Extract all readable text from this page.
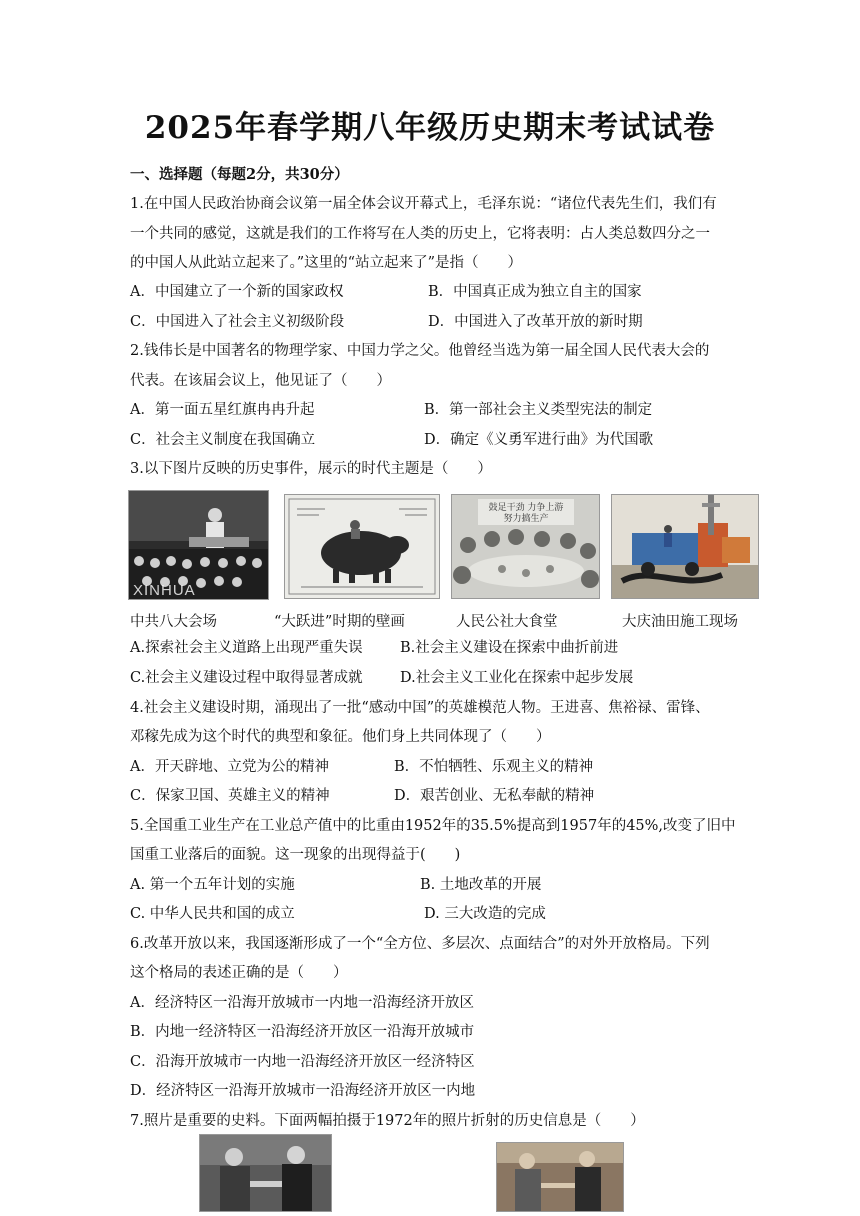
2025年春学期八年级历史期末考试试卷
一、选择题（每题2分，共30分）
1.在中国人民政治协商会议第一届全体会议开幕式上，毛泽东说：“诸位代表先生们，我们有
一个共同的感觉，这就是我们的工作将写在人类的历史上，它将表明：占人类总数四分之一
的中国人从此站立起来了。”这里的“站立起来了”是指（　　）
A．中国建立了一个新的国家政权	B．中国真正成为独立自主的国家
C．中国进入了社会主义初级阶段	D．中国进入了改革开放的新时期
2.钱伟长是中国著名的物理学家、中国力学之父。他曾经当选为第一届全国人民代表大会的
代表。在该届会议上，他见证了（　　）
A．第一面五星红旗冉冉升起	B．第一部社会主义类型宪法的制定
C．社会主义制度在我国确立	D．确定《义勇军进行曲》为代国歌
3.以下图片反映的历史事件，展示的时代主题是（　　）
XINHUA
鼓足干劲 力争上游
努力搞生产
中共八大会场	“大跃进”时期的壁画	人民公社大食堂	大庆油田施工现场
A.探索社会主义道路上出现严重失误	B.社会主义建设在探索中曲折前进
C.社会主义建设过程中取得显著成就	D.社会主义工业化在探索中起步发展
4.社会主义建设时期，涌现出了一批“感动中国”的英雄模范人物。王进喜、焦裕禄、雷锋、
邓稼先成为这个时代的典型和象征。他们身上共同体现了（　　）
A．开天辟地、立党为公的精神	B．不怕牺牲、乐观主义的精神
C．保家卫国、英雄主义的精神	D．艰苦创业、无私奉献的精神
5.全国重工业生产在工业总产值中的比重由1952年的35.5%提高到1957年的45%,改变了旧中
国重工业落后的面貌。这一现象的出现得益于(　　)
A. 第一个五年计划的实施	B. 土地改革的开展
C. 中华人民共和国的成立	D. 三大改造的完成
6.改革开放以来，我国逐渐形成了一个“全方位、多层次、点面结合”的对外开放格局。下列
这个格局的表述正确的是（　　）
A．经济特区一沿海开放城市一内地一沿海经济开放区
B．内地一经济特区一沿海经济开放区一沿海开放城市
C．沿海开放城市一内地一沿海经济开放区一经济特区
D．经济特区一沿海开放城市一沿海经济开放区一内地
7.照片是重要的史料。下面两幅拍摄于1972年的照片折射的历史信息是（　　）
